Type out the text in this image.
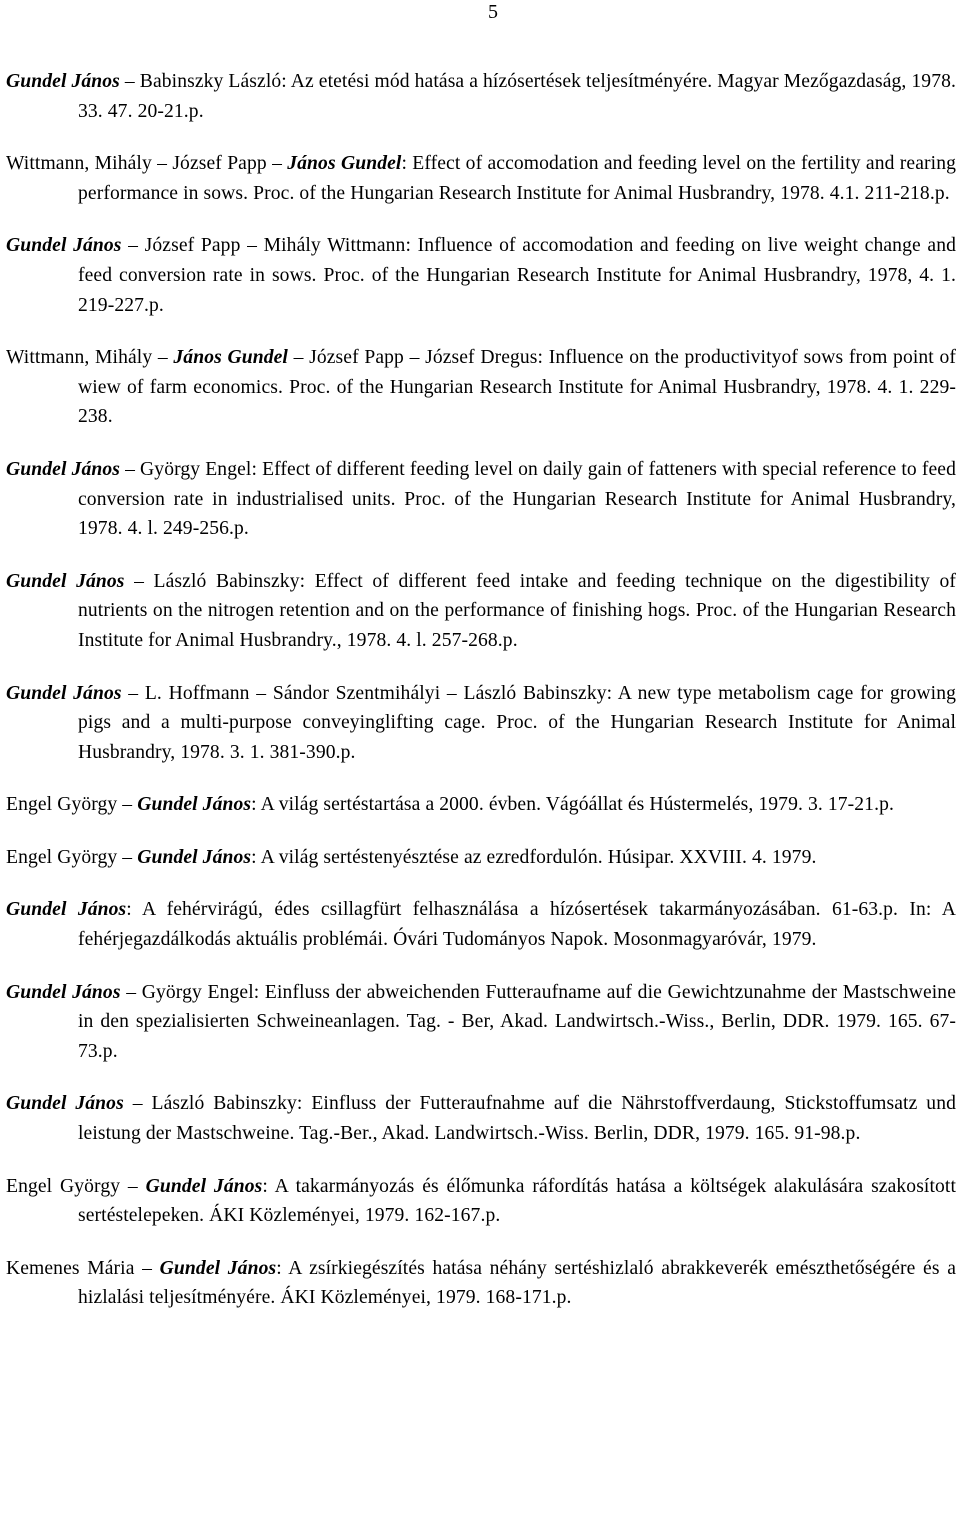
5
Gundel János – Babinszky László: Az etetési mód hatása a hízósertések teljesítményére. Magyar Mezőgazdaság, 1978. 33. 47. 20-21.p.
Wittmann, Mihály – József Papp – János Gundel: Effect of accomodation and feeding level on the fertility and rearing performance in sows. Proc. of the Hungarian Research Institute for Animal Husbrandry, 1978. 4.1. 211-218.p.
Gundel János – József Papp – Mihály Wittmann: Influence of accomodation and feeding on live weight change and feed conversion rate in sows. Proc. of the Hungarian Research Institute for Animal Husbrandry, 1978, 4. 1. 219-227.p.
Wittmann, Mihály – János Gundel – József Papp – József Dregus: Influence on the productivityof sows from point of wiew of farm economics. Proc. of the Hungarian Research Institute for Animal Husbrandry, 1978. 4. 1. 229-238.
Gundel János – György Engel: Effect of different feeding level on daily gain of fatteners with special reference to feed conversion rate in industrialised units. Proc. of the Hungarian Research Institute for Animal Husbrandry, 1978. 4. l. 249-256.p.
Gundel János – László Babinszky: Effect of different feed intake and feeding technique on the digestibility of nutrients on the nitrogen retention and on the performance of finishing hogs. Proc. of the Hungarian Research Institute for Animal Husbrandry., 1978. 4. l. 257-268.p.
Gundel János – L. Hoffmann – Sándor Szentmihályi – László Babinszky: A new type metabolism cage for growing pigs and a multi-purpose conveyinglifting cage. Proc. of the Hungarian Research Institute for Animal Husbrandry, 1978. 3. 1. 381-390.p.
Engel György – Gundel János: A világ sertéstartása a 2000. évben. Vágóállat és Hústermelés, 1979. 3. 17-21.p.
Engel György – Gundel János: A világ sertéstenyésztése az ezredfordulón. Húsipar. XXVIII. 4. 1979.
Gundel János: A fehérvirágú, édes csillagfürt felhasználása a hízósertések takarmányozásában. 61-63.p. In: A fehérjegazdálkodás aktuális problémái. Óvári Tudományos Napok. Mosonmagyaróvár, 1979.
Gundel János – György Engel: Einfluss der abweichenden Futteraufname auf die Gewichtzunahme der Mastschweine in den spezialisierten Schweineanlagen. Tag. - Ber, Akad. Landwirtsch.-Wiss., Berlin, DDR. 1979. 165. 67-73.p.
Gundel János – László Babinszky: Einfluss der Futteraufnahme auf die Nährstoffverdaung, Stickstoffumsatz und leistung der Mastschweine. Tag.-Ber., Akad. Landwirtsch.-Wiss. Berlin, DDR, 1979. 165. 91-98.p.
Engel György – Gundel János: A takarmányozás és élőmunka ráfordítás hatása a költségek alakulására szakosított sertéstelepeken. ÁKI Közleményei, 1979. 162-167.p.
Kemenes Mária – Gundel János: A zsírkiegészítés hatása néhány sertéshizlaló abrakkeverék emészthetőségére és a hizlalási teljesítményére. ÁKI Közleményei, 1979. 168-171.p.
